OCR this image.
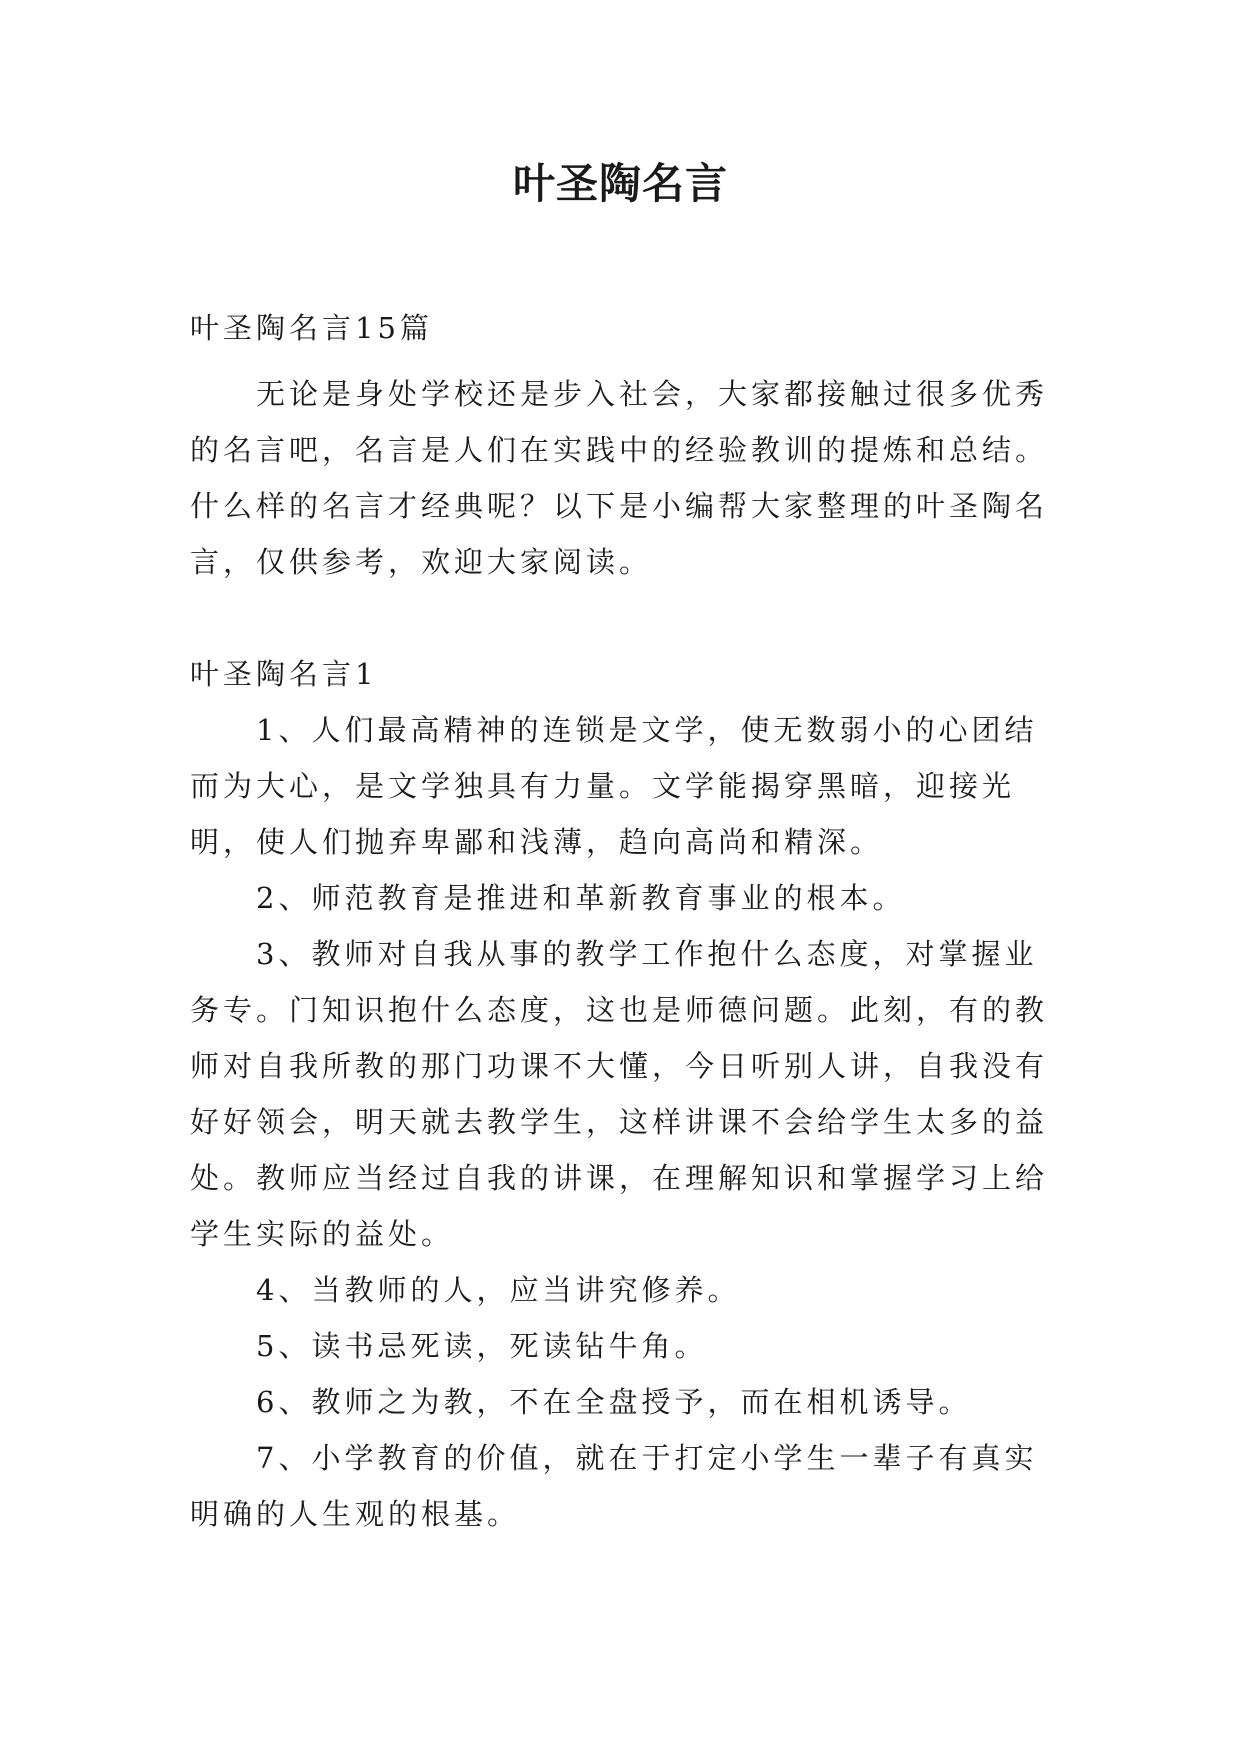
叶圣陶名言

叶圣陶名言15篇

无论是身处学校还是步入社会，大家都接触过很多优秀的名言吧，名言是人们在实践中的经验教训的提炼和总结。什么样的名言才经典呢？以下是小编帮大家整理的叶圣陶名言，仅供参考，欢迎大家阅读。

叶圣陶名言1

1、人们最高精神的连锁是文学，使无数弱小的心团结而为大心，是文学独具有力量。文学能揭穿黑暗，迎接光明，使人们抛弃卑鄙和浅薄，趋向高尚和精深。

2、师范教育是推进和革新教育事业的根本。

3、教师对自我从事的教学工作抱什么态度，对掌握业务专。门知识抱什么态度，这也是师德问题。此刻，有的教师对自我所教的那门功课不大懂，今日听别人讲，自我没有好好领会，明天就去教学生，这样讲课不会给学生太多的益处。教师应当经过自我的讲课，在理解知识和掌握学习上给学生实际的益处。

4、当教师的人，应当讲究修养。

5、读书忌死读，死读钻牛角。

6、教师之为教，不在全盘授予，而在相机诱导。

7、小学教育的价值，就在于打定小学生一辈子有真实明确的人生观的根基。
